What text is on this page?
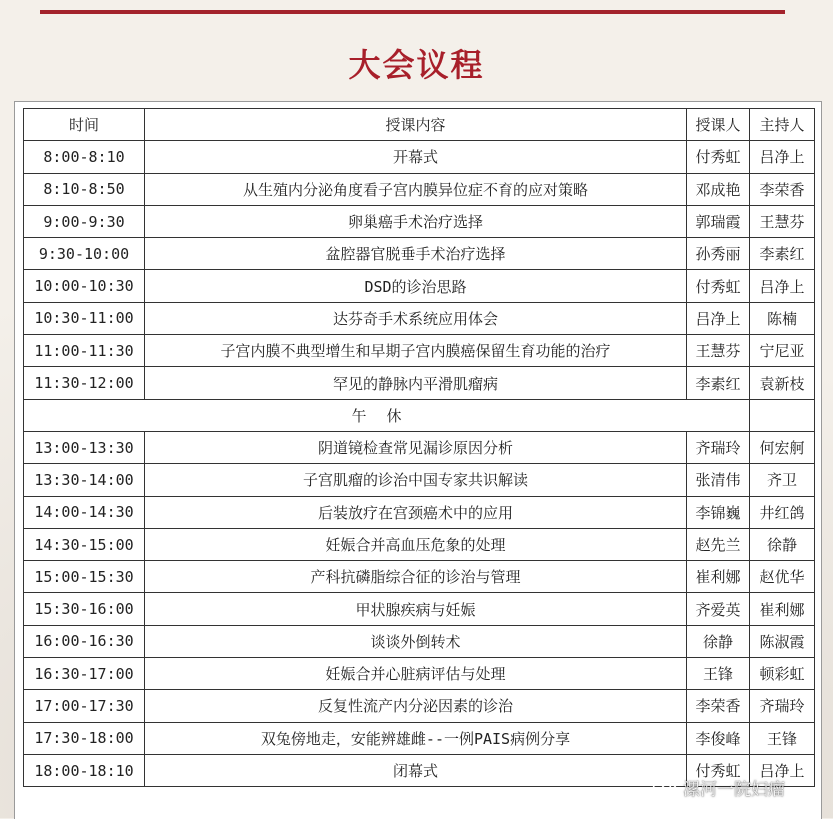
大会议程
时间	授课内容	授课人	主持人
8:00-8:10	开幕式	付秀虹	吕净上
8:10-8:50	从生殖内分泌角度看子宫内膜异位症不育的应对策略	邓成艳	李荣香
9:00-9:30	卵巢癌手术治疗选择	郭瑞霞	王慧芬
9:30-10:00	盆腔器官脱垂手术治疗选择	孙秀丽	李素红
10:00-10:30	DSD的诊治思路	付秀虹	吕净上
10:30-11:00	达芬奇手术系统应用体会	吕净上	陈楠
11:00-11:30	子宫内膜不典型增生和早期子宫内膜癌保留生育功能的治疗	王慧芬	宁尼亚
11:30-12:00	罕见的静脉内平滑肌瘤病	李素红	袁新枝
午休			
13:00-13:30	阴道镜检查常见漏诊原因分析	齐瑞玲	何宏舸
13:30-14:00	子宫肌瘤的诊治中国专家共识解读	张清伟	齐卫
14:00-14:30	后装放疗在宫颈癌术中的应用	李锦巍	井红鸽
14:30-15:00	妊娠合并高血压危象的处理	赵先兰	徐静
15:00-15:30	产科抗磷脂综合征的诊治与管理	崔利娜	赵优华
15:30-16:00	甲状腺疾病与妊娠	齐爱英	崔利娜
16:00-16:30	谈谈外倒转术	徐静	陈淑霞
16:30-17:00	妊娠合并心脏病评估与处理	王锋	顿彩虹
17:00-17:30	反复性流产内分泌因素的诊治	李荣香	齐瑞玲
17:30-18:00	双兔傍地走，安能辨雄雌--一例PAIS病例分享	李俊峰	王锋
18:00-18:10	闭幕式	付秀虹	吕净上
漯河一院妇瘤
